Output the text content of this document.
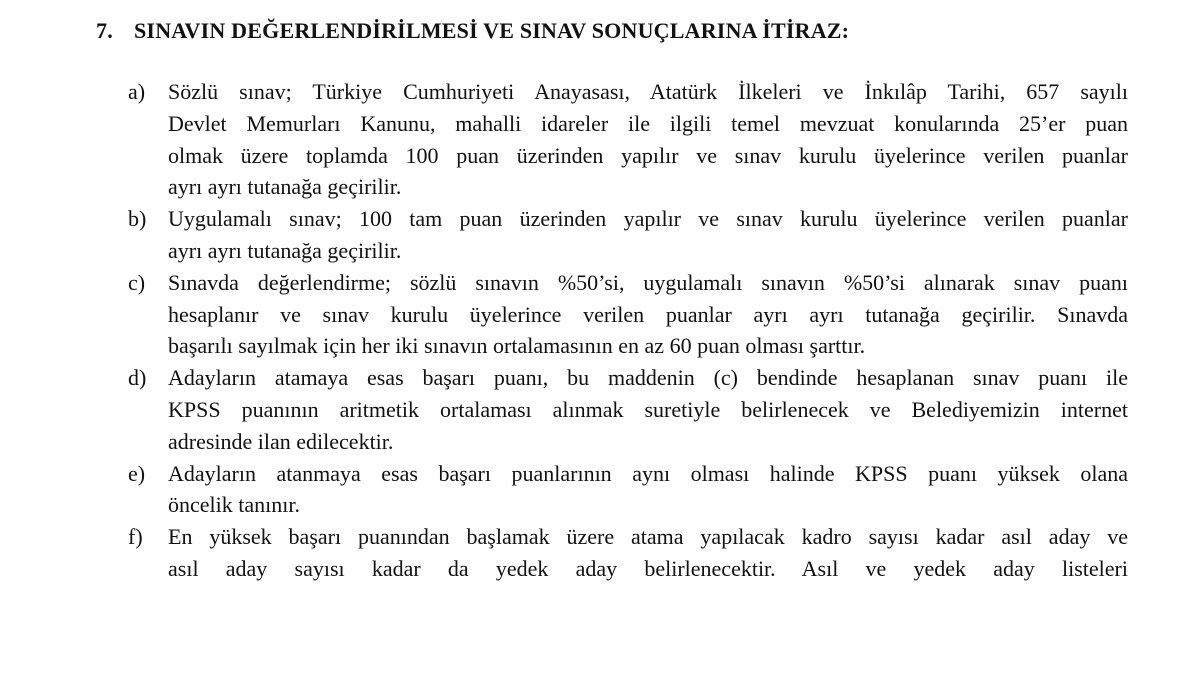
7. SINAVIN DEĞERLENDİRİLMESİ VE SINAV SONUÇLARINA İTİRAZ:
a)	Sözlü sınav; Türkiye Cumhuriyeti Anayasası, Atatürk İlkeleri ve İnkılâp Tarihi, 657 sayılı
Devlet Memurları Kanunu, mahalli idareler ile ilgili temel mevzuat konularında 25’er puan
olmak üzere toplamda 100 puan üzerinden yapılır ve sınav kurulu üyelerince verilen puanlar
ayrı ayrı tutanağa geçirilir.
b) Uygulamalı sınav; 100 tam puan üzerinden yapılır ve sınav kurulu üyelerince verilen puanlar
ayrı ayrı tutanağa geçirilir.
c)	Sınavda değerlendirme; sözlü sınavın %50’si, uygulamalı sınavın %50’si alınarak sınav puanı
hesaplanır ve sınav kurulu üyelerince verilen puanlar ayrı ayrı tutanağa geçirilir. Sınavda
başarılı sayılmak için her iki sınavın ortalamasının en az 60 puan olması şarttır.
d) Adayların atamaya esas başarı puanı, bu maddenin (c) bendinde hesaplanan sınav puanı ile
KPSS puanının aritmetik ortalaması alınmak suretiyle belirlenecek ve Belediyemizin internet
adresinde ilan edilecektir.
e)	Adayların atanmaya esas başarı puanlarının aynı olması halinde KPSS puanı yüksek olana
öncelik tanınır.
f)	En yüksek başarı puanından başlamak üzere atama yapılacak kadro sayısı kadar asıl aday ve
asıl aday sayısı kadar da yedek aday belirlenecektir. Asıl ve yedek aday listeleri
